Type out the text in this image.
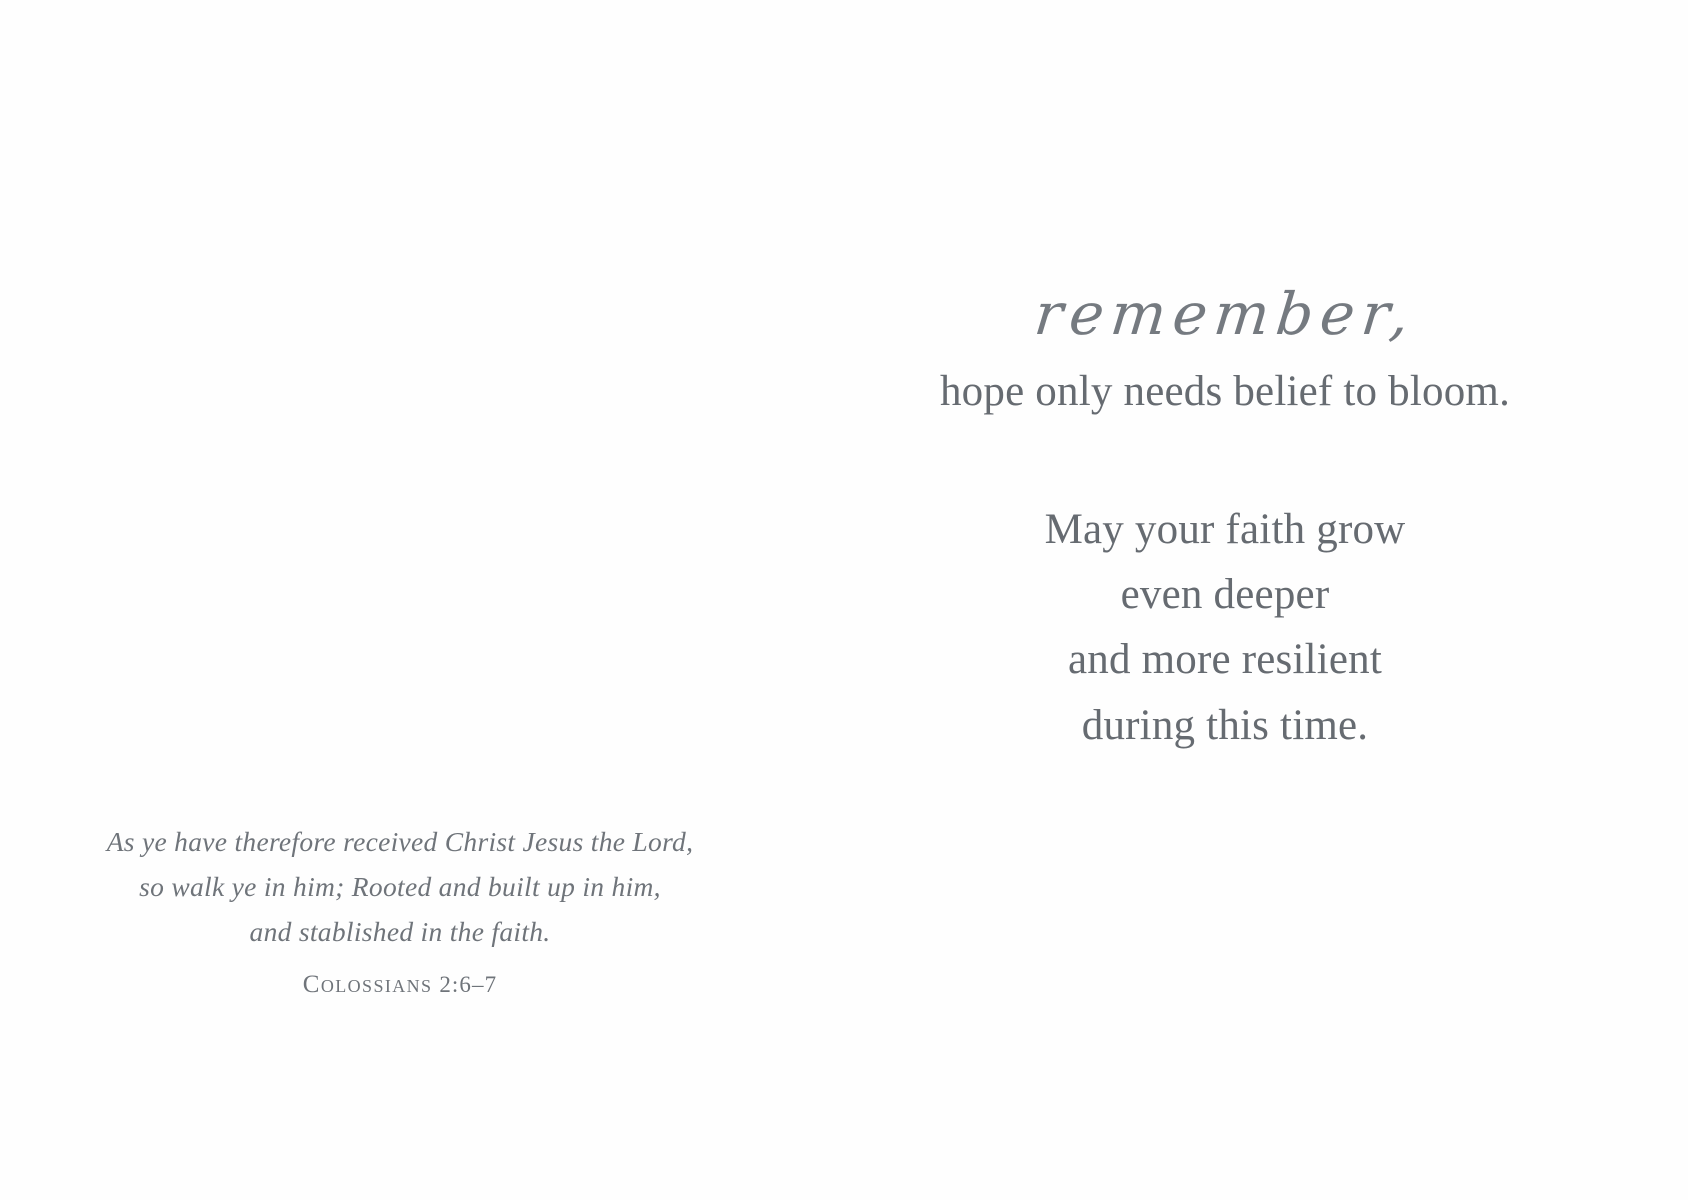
remember,
hope only needs belief to bloom.
May your faith grow
even deeper
and more resilient
during this time.
As ye have therefore received Christ Jesus the Lord,
so walk ye in him; Rooted and built up in him,
and stablished in the faith.
Colossians 2:6–7
